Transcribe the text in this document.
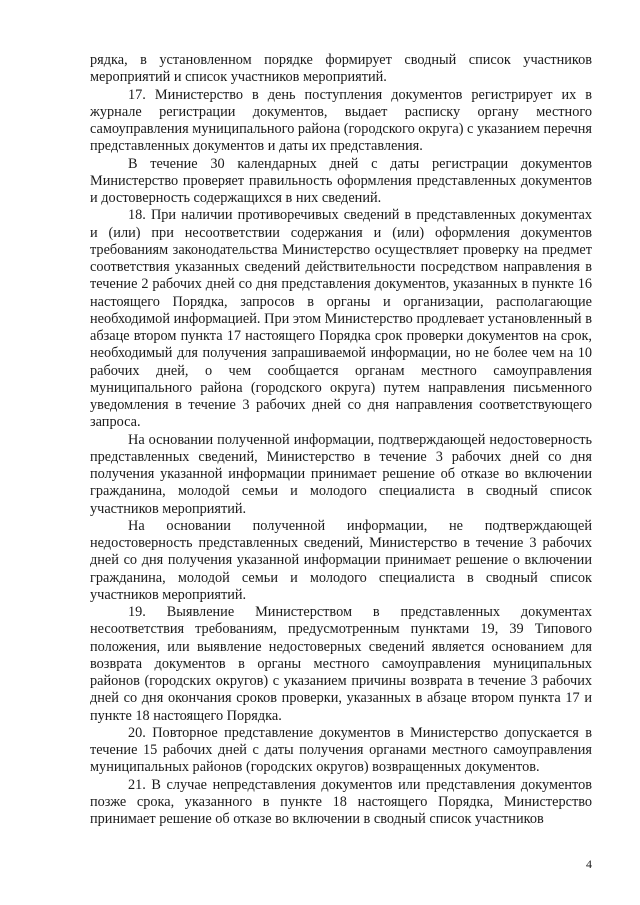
рядка, в установленном порядке формирует сводный список участников мероприятий и список участников мероприятий.

17. Министерство в день поступления документов регистрирует их в журнале регистрации документов, выдает расписку органу местного самоуправления муниципального района (городского округа) с указанием перечня представленных документов и даты их представления.

В течение 30 календарных дней с даты регистрации документов Министерство проверяет правильность оформления представленных документов и достоверность содержащихся в них сведений.

18. При наличии противоречивых сведений в представленных документах и (или) при несоответствии содержания и (или) оформления документов требованиям законодательства Министерство осуществляет проверку на предмет соответствия указанных сведений действительности посредством направления в течение 2 рабочих дней со дня представления документов, указанных в пункте 16 настоящего Порядка, запросов в органы и организации, располагающие необходимой информацией. При этом Министерство продлевает установленный в абзаце втором пункта 17 настоящего Порядка срок проверки документов на срок, необходимый для получения запрашиваемой информации, но не более чем на 10 рабочих дней, о чем сообщается органам местного самоуправления муниципального района (городского округа) путем направления письменного уведомления в течение 3 рабочих дней со дня направления соответствующего запроса.

На основании полученной информации, подтверждающей недостоверность представленных сведений, Министерство в течение 3 рабочих дней со дня получения указанной информации принимает решение об отказе во включении гражданина, молодой семьи и молодого специалиста в сводный список участников мероприятий.

На основании полученной информации, не подтверждающей недостоверность представленных сведений, Министерство в течение 3 рабочих дней со дня получения указанной информации принимает решение о включении гражданина, молодой семьи и молодого специалиста в сводный список участников мероприятий.

19. Выявление Министерством в представленных документах несоответствия требованиям, предусмотренным пунктами 19, 39 Типового положения, или выявление недостоверных сведений является основанием для возврата документов в органы местного самоуправления муниципальных районов (городских округов) с указанием причины возврата в течение 3 рабочих дней со дня окончания сроков проверки, указанных в абзаце втором пункта 17 и пункте 18 настоящего Порядка.

20. Повторное представление документов в Министерство допускается в течение 15 рабочих дней с даты получения органами местного самоуправления муниципальных районов (городских округов) возвращенных документов.

21. В случае непредставления документов или представления документов позже срока, указанного в пункте 18 настоящего Порядка, Министерство принимает решение об отказе во включении в сводный список участников

4
